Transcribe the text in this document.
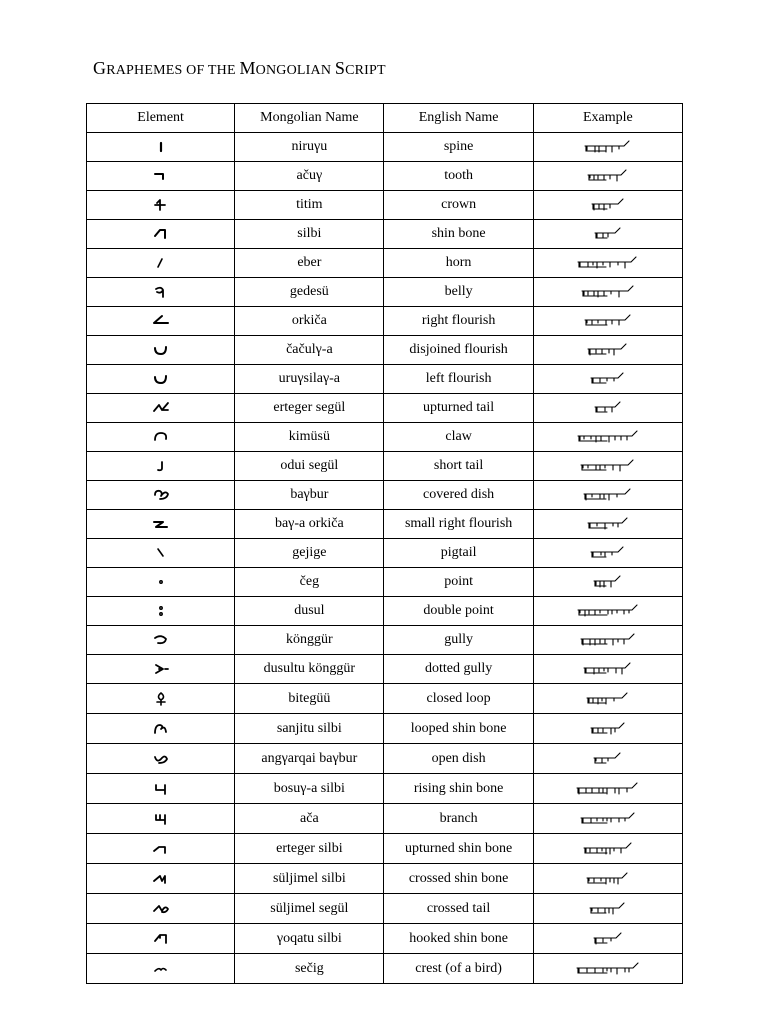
GRAPHEMES OF THE MONGOLIAN SCRIPT
Element	Mongolian Name	English Name	Example

	niruγu	spine	

	ačuγ	tooth	

	titim	crown	

	silbi	shin bone	

	eber	horn	

	gedesü	belly	

	orkiča	right flourish	

	čačulγ-a	disjoined flourish	

	uruγsilaγ-a	left flourish	

	erteger segül	upturned tail	

	kimüsü	claw	

	odui segül	short tail	

	baγbur	covered dish	

	baγ-a orkiča	small right flourish	

	gejige	pigtail	

	čeg	point	

	dusul	double point	

	könggür	gully	

	dusultu könggür	dotted gully	

	bitegüü	closed loop	

	sanjitu silbi	looped shin bone	

	angγarqai baγbur	open dish	

	bosuγ-a silbi	rising shin bone	

	ača	branch	

	erteger silbi	upturned shin bone	

	süljimel silbi	crossed shin bone	

	süljimel segül	crossed tail	

	γoqatu silbi	hooked shin bone	

	sečig	crest (of a bird)	
